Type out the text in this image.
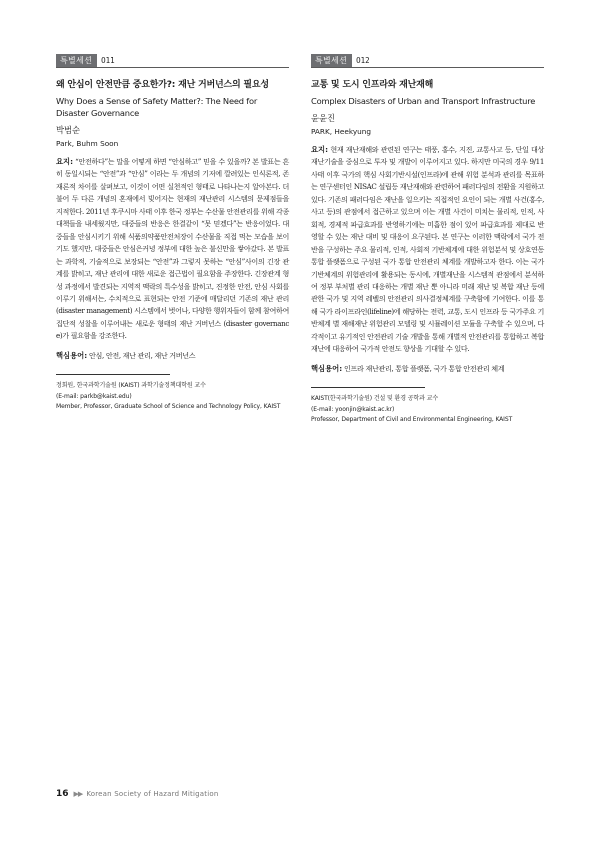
특별세션	O11
왜 안심이 안전만큼 중요한가?: 재난 거버넌스의 필요성
Why Does a Sense of Safety Matter?: The Need for Disaster Governance
박범순
Park, Buhm Soon

요지: “안전하다”는 말을 어떻게 하면 “안심하고” 믿을 수 있을까? 본 발표는 흔히 동일시되는 “안전”과 “안심” 이라는 두 개념의 기저에 깔려있는 인식론적, 존재론적 차이를 살펴보고, 이것이 어떤 실천적인 형태로 나타나는지 알아본다. 더불어 두 다른 개념의 혼재에서 빚어지는 현재의 재난관리 시스템의 문제점들을 지적한다. 2011년 후쿠시마 사태 이후 한국 정부는 수산물 안전관리를 위해 각종 대책들을 내세웠지만, 대중들의 반응은 한결같이 “못 믿겠다”는 반응이었다. 대중들을 안심시키기 위해 식품의약품안전처장이 수산물을 직접 먹는 모습을 보이기도 했지만, 대중들은 안심은커녕 정부에 대한 높은 불신만을 쌓아갔다. 본 발표는 과학적, 기술적으로 보장되는 “안전”과 그렇지 못하는 “안심”사이의 긴장 관계를 밝히고, 재난 관리에 대한 새로운 접근법이 필요함을 주장한다. 긴장관계 형성 과정에서 발견되는 지역적 맥락의 특수성을 밝히고, 진정한 안전, 안심 사회를 이루기 위해서는, 수치적으로 표현되는 안전 기준에 매달리던 기존의 재난 관리 (disaster management) 시스템에서 벗어나, 다양한 행위자들이 함께 참여하여 집단적 성찰을 이루어내는 새로운 형태의 재난 거버넌스 (disaster governance)가 필요함을 강조한다.

핵심용어: 안심, 안전, 재난 관리, 재난 거버넌스

정회원, 한국과학기술원 (KAIST) 과학기술정책대학원 교수
(E-mail: parkb@kaist.edu)
Member, Professor, Graduate School of Science and Technology Policy, KAIST
특별세션	O12
교통 및 도시 인프라와 재난재해
Complex Disasters of Urban and Transport Infrastructure
윤윤진
PARK, Heekyung

요지: 현재 재난재해와 관련된 연구는 태풍, 홍수, 지진, 교통사고 등, 단일 대상 재난기술을 중심으로 투자 및 개발이 이루어지고 있다. 하지만 미국의 경우 9/11 사태 이후 국가의 핵심 사회기반시설(인프라)에 관해 위험 분석과 관리를 목표하는 연구센터인 NISAC 설립등 재난재해와 관련하여 패러다임의 전환을 지원하고 있다. 기존의 패러다임은 재난을 일으키는 직접적인 요인이 되는 개별 사건(홍수, 사고 등)의 관점에서 접근하고 있으며 이는 개별 사건이 미치는 물리적, 인적, 사회적, 경제적 파급효과를 반영하기에는 미흡한 점이 있어 파급효과를 제대로 반영할 수 있는 재난 대비 및 대응이 요구된다. 본 연구는 이러한 맥락에서 국가 전반을 구성하는 주요 물리적, 인적, 사회적 기반체계에 대한 위험분석 및 상호연동 통합 플랫폼으로 구성된 국가 통합 안전관리 체계를 개발하고자 한다. 이는 국가 기반체계의 위험관리에 활용되는 동시에, 개별재난을 시스템적 관점에서 분석하여 정부 부처별 관리 대응하는 개별 재난 뿐 아니라 미래 재난 및 복합 재난 등에 관한 국가 및 지역 레벨의 안전관리 의사결정체계를 구축함에 기여한다. 이를 통해 국가 라이프라인(lifeline)에 해당하는 전력, 교통, 도시 인프라 등 국가주요 기반체계 별 재해재난 위험관리 모델링 및 시뮬레이션 모듈을 구축할 수 있으며, 다각적이고 유기적인 안전관리 기술 개발을 통해 개별적 안전관리를 통합하고 복합재난에 대응하여 국가적 안전도 향상을 기대할 수 있다.

핵심용어: 인프라 재난관리, 통합 플랫폼, 국가 통합 안전관리 체계

KAIST(한국과학기술원) 건설 및 환경 공학과 교수
(E-mail: yoonjin@kaist.ac.kr)
Professor, Department of Civil and Environmental Engineering, KAIST
16 ▶▶ Korean Society of Hazard Mitigation
